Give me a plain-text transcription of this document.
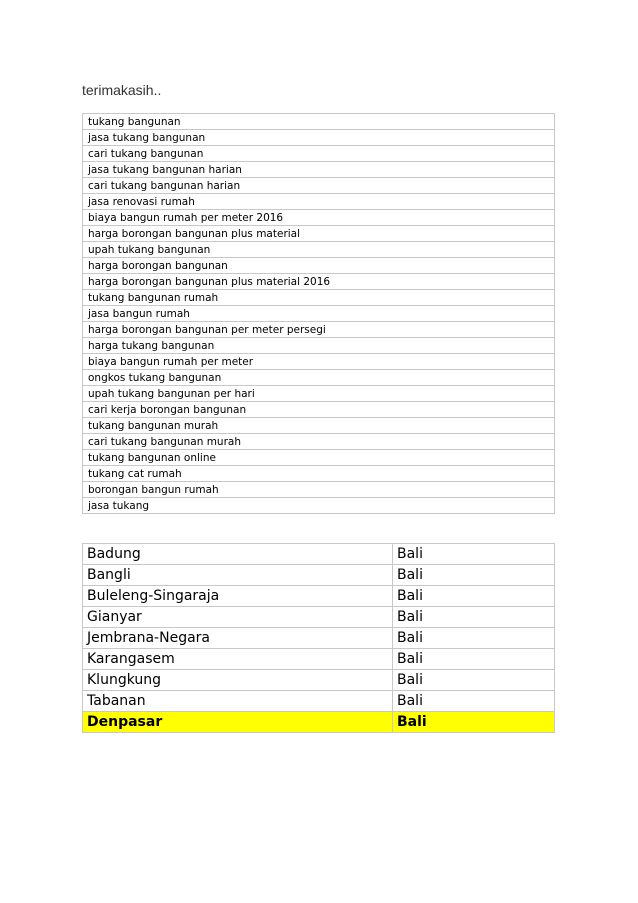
terimakasih..
tukang bangunan
jasa tukang bangunan
cari tukang bangunan
jasa tukang bangunan harian
cari tukang bangunan harian
jasa renovasi rumah
biaya bangun rumah per meter 2016
harga borongan bangunan plus material
upah tukang bangunan
harga borongan bangunan
harga borongan bangunan plus material 2016
tukang bangunan rumah
jasa bangun rumah
harga borongan bangunan per meter persegi
harga tukang bangunan
biaya bangun rumah per meter
ongkos tukang bangunan
upah tukang bangunan per hari
cari kerja borongan bangunan
tukang bangunan murah
cari tukang bangunan murah
tukang bangunan online
tukang cat rumah
borongan bangun rumah
jasa tukang
Badung	Bali
Bangli	Bali
Buleleng-Singaraja	Bali
Gianyar	Bali
Jembrana-Negara	Bali
Karangasem	Bali
Klungkung	Bali
Tabanan	Bali
Denpasar	Bali
